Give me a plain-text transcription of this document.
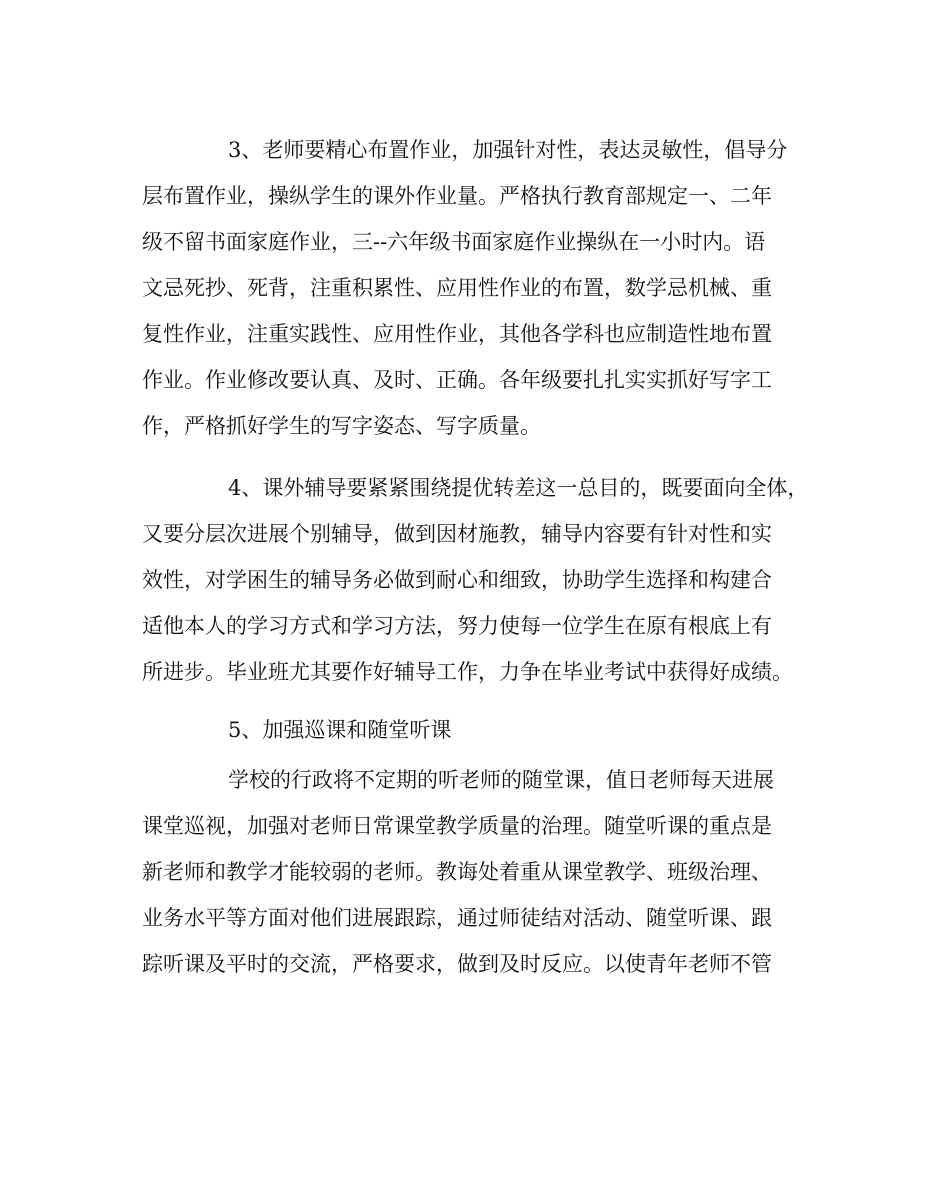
3、老师要精心布置作业，加强针对性，表达灵敏性，倡导分
层布置作业，操纵学生的课外作业量。严格执行教育部规定一、二年
级不留书面家庭作业，三--六年级书面家庭作业操纵在一小时内。语
文忌死抄、死背，注重积累性、应用性作业的布置，数学忌机械、重
复性作业，注重实践性、应用性作业，其他各学科也应制造性地布置
作业。作业修改要认真、及时、正确。各年级要扎扎实实抓好写字工
作，严格抓好学生的写字姿态、写字质量。
4、课外辅导要紧紧围绕提优转差这一总目的，既要面向全体，
又要分层次进展个别辅导，做到因材施教，辅导内容要有针对性和实
效性，对学困生的辅导务必做到耐心和细致，协助学生选择和构建合
适他本人的学习方式和学习方法，努力使每一位学生在原有根底上有
所进步。毕业班尤其要作好辅导工作，力争在毕业考试中获得好成绩。
5、加强巡课和随堂听课
学校的行政将不定期的听老师的随堂课，值日老师每天进展
课堂巡视，加强对老师日常课堂教学质量的治理。随堂听课的重点是
新老师和教学才能较弱的老师。教诲处着重从课堂教学、班级治理、
业务水平等方面对他们进展跟踪，通过师徒结对活动、随堂听课、跟
踪听课及平时的交流，严格要求，做到及时反应。以使青年老师不管
